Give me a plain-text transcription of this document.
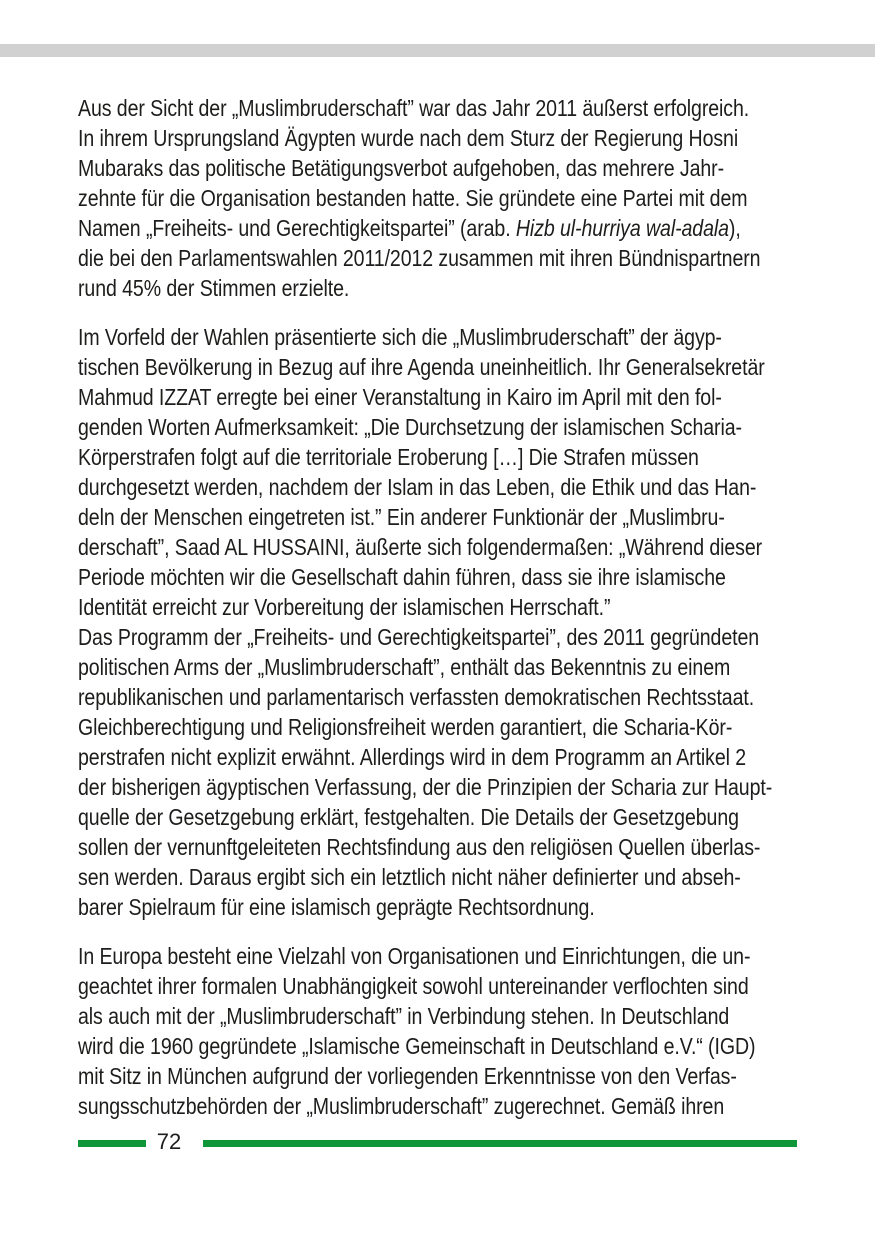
Aus der Sicht der „Muslimbruderschaft” war das Jahr 2011 äußerst erfolgreich.
In ihrem Ursprungsland Ägypten wurde nach dem Sturz der Regierung Hosni
Mubaraks das politische Betätigungsverbot aufgehoben, das mehrere Jahr-
zehnte für die Organisation bestanden hatte. Sie gründete eine Partei mit dem
Namen „Freiheits- und Gerechtigkeitspartei” (arab. Hizb ul-hurriya wal-adala),
die bei den Parlamentswahlen 2011/2012 zusammen mit ihren Bündnispartnern
rund 45% der Stimmen erzielte.
Im Vorfeld der Wahlen präsentierte sich die „Muslimbruderschaft” der ägyp-
tischen Bevölkerung in Bezug auf ihre Agenda uneinheitlich. Ihr Generalsekretär
Mahmud IZZAT erregte bei einer Veranstaltung in Kairo im April mit den fol-
genden Worten Aufmerksamkeit: „Die Durchsetzung der islamischen Scharia-
Körperstrafen folgt auf die territoriale Eroberung […] Die Strafen müssen
durchgesetzt werden, nachdem der Islam in das Leben, die Ethik und das Han-
deln der Menschen eingetreten ist.” Ein anderer Funktionär der „Muslimbru-
derschaft”, Saad AL HUSSAINI, äußerte sich folgendermaßen: „Während dieser
Periode möchten wir die Gesellschaft dahin führen, dass sie ihre islamische
Identität erreicht zur Vorbereitung der islamischen Herrschaft.”
Das Programm der „Freiheits- und Gerechtigkeitspartei”, des 2011 gegründeten
politischen Arms der „Muslimbruderschaft”, enthält das Bekenntnis zu einem
republikanischen und parlamentarisch verfassten demokratischen Rechtsstaat.
Gleichberechtigung und Religionsfreiheit werden garantiert, die Scharia-Kör-
perstrafen nicht explizit erwähnt. Allerdings wird in dem Programm an Artikel 2
der bisherigen ägyptischen Verfassung, der die Prinzipien der Scharia zur Haupt-
quelle der Gesetzgebung erklärt, festgehalten. Die Details der Gesetzgebung
sollen der vernunftgeleiteten Rechtsfindung aus den religiösen Quellen überlas-
sen werden. Daraus ergibt sich ein letztlich nicht näher definierter und abseh-
barer Spielraum für eine islamisch geprägte Rechtsordnung.
In Europa besteht eine Vielzahl von Organisationen und Einrichtungen, die un-
geachtet ihrer formalen Unabhängigkeit sowohl untereinander verflochten sind
als auch mit der „Muslimbruderschaft” in Verbindung stehen. In Deutschland
wird die 1960 gegründete „Islamische Gemeinschaft in Deutschland e.V.“ (IGD)
mit Sitz in München aufgrund der vorliegenden Erkenntnisse von den Verfas-
sungsschutzbehörden der „Muslimbruderschaft” zugerechnet. Gemäß ihren
72
